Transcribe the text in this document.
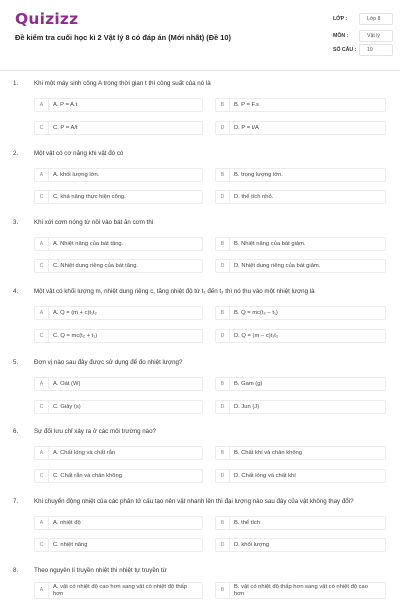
Quizizz
Đề kiểm tra cuối học kì 2 Vật lý 8 có đáp án (Mới nhất) (Đề 10)
LỚP :	Lớp 8
MÔN :	Vật lý
SỐ CÂU :	10
1.	Khi một máy sinh công A trong thời gian t thì công suất của nó là
A	A. P = A.t	B	B. P = F.s
C	C. P = A/t	D	D. P = t/A
2.	Một vật có cơ năng khi vật đó có
A	A. khối lượng lớn.	B	B. trọng lượng lớn.
C	C. khả năng thực hiện công.	D	D. thể tích nhỏ.
3.	Khi xới cơm nóng từ nồi vào bát ăn cơm thì
A	A. Nhiệt năng của bát tăng.	B	B. Nhiệt năng của bát giảm.
C	C. Nhiệt dung riêng của bát tăng.	D	D. Nhiệt dung riêng của bát giảm.
4.	Một vật có khối lượng m, nhiệt dung riêng c, tăng nhiệt độ từ t₁ đến t₂ thì nó thu vào một nhiệt lượng là
A	A. Q = (m + c)t₁t₂	B	B. Q = mc(t₂ − t₁)
C	C. Q = mc(t₂ + t₁)	D	D. Q = (m − c)t₁t₂
5.	Đơn vị nào sau đây được sử dụng để đo nhiệt lượng?
A	A. Oát (W)	B	B. Gam (g)
C	C. Giây (s)	D	D. Jun (J)
6.	Sự đối lưu chỉ xảy ra ở các môi trường nào?
A	A. Chất lỏng và chất rắn	B	B. Chất khí và chân không
C	C. Chất rắn và chân không	D	D. Chất lỏng và chất khí
7.	Khi chuyển động nhiệt của các phân tử cấu tạo nên vật nhanh lên thì đại lượng nào sau đây của vật không thay đổi?
A	A. nhiệt độ	B	B. thể tích
C	C. nhiệt năng	D	D. khối lượng
8.	Theo nguyên lí truyền nhiệt thì nhiệt tự truyền từ
A	A. vật có nhiệt độ cao hơn sang vật có nhiệt độ thấp hơn
B	B. vật có nhiệt độ thấp hơn sang vật có nhiệt độ cao hơn
